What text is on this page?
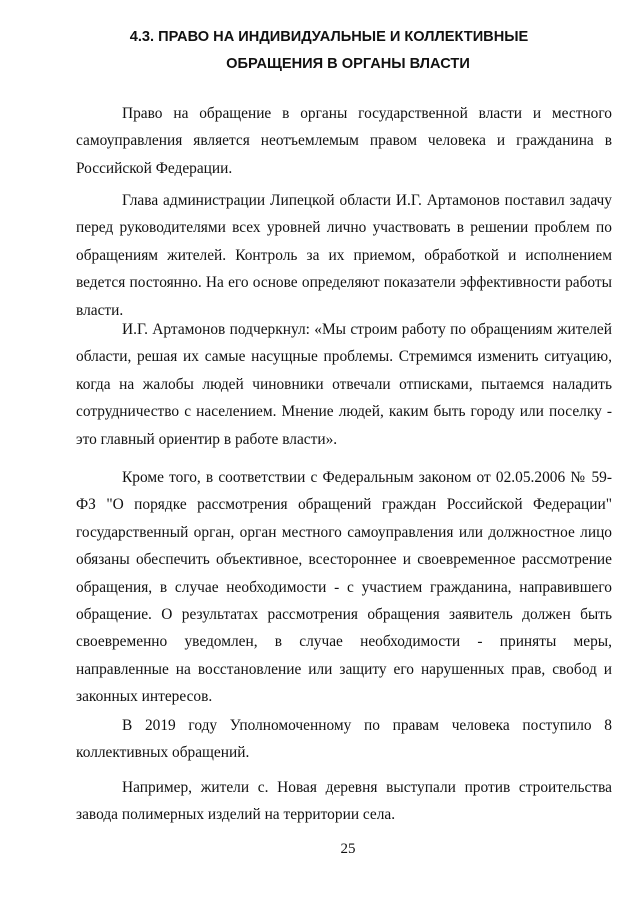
4.3. ПРАВО НА ИНДИВИДУАЛЬНЫЕ И КОЛЛЕКТИВНЫЕ
ОБРАЩЕНИЯ В ОРГАНЫ ВЛАСТИ

Право на обращение в органы государственной власти и местного самоуправления является неотъемлемым правом человека и гражданина в Российской Федерации.

Глава администрации Липецкой области И.Г. Артамонов поставил задачу перед руководителями всех уровней лично участвовать в решении проблем по обращениям жителей. Контроль за их приемом, обработкой и исполнением ведется постоянно. На его основе определяют показатели эффективности работы власти.

И.Г. Артамонов подчеркнул: «Мы строим работу по обращениям жителей области, решая их самые насущные проблемы. Стремимся изменить ситуацию, когда на жалобы людей чиновники отвечали отписками, пытаемся наладить сотрудничество с населением. Мнение людей, каким быть городу или поселку - это главный ориентир в работе власти».

Кроме того, в соответствии с Федеральным законом от 02.05.2006 № 59-ФЗ "О порядке рассмотрения обращений граждан Российской Федерации" государственный орган, орган местного самоуправления или должностное лицо обязаны обеспечить объективное, всестороннее и своевременное рассмотрение обращения, в случае необходимости - с участием гражданина, направившего обращение. О результатах рассмотрения обращения заявитель должен быть своевременно уведомлен, в случае необходимости - приняты меры, направленные на восстановление или защиту его нарушенных прав, свобод и законных интересов.

В 2019 году Уполномоченному по правам человека поступило 8 коллективных обращений.

Например, жители с. Новая деревня выступали против строительства завода полимерных изделий на территории села.

25
